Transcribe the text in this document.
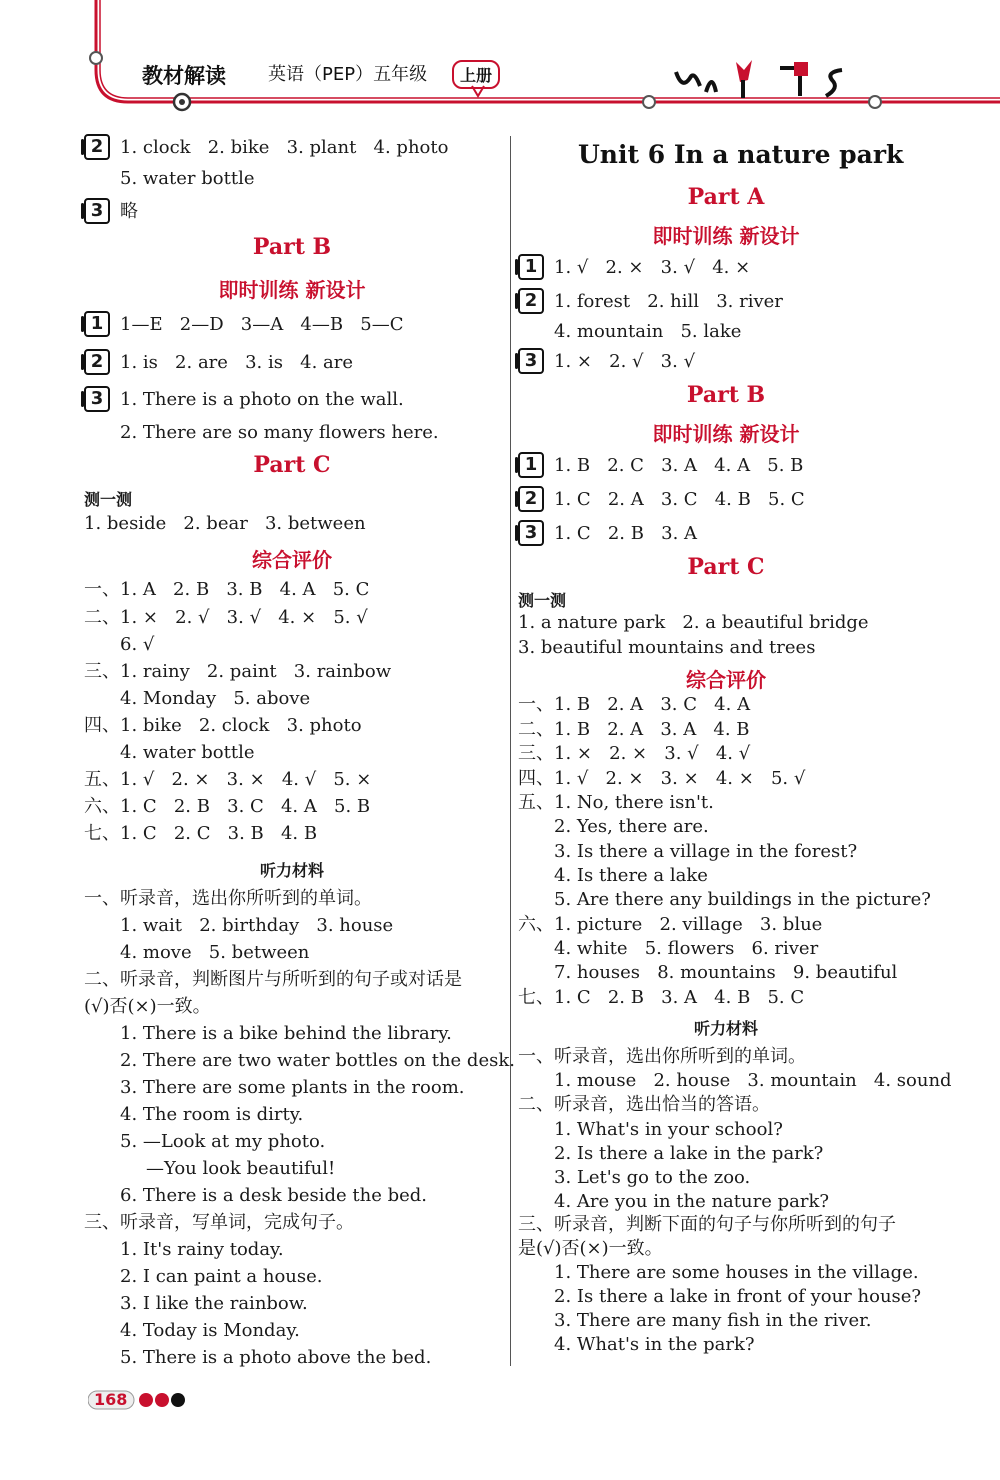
教材解读 英语（PEP）五年级	上册
2 1. clock   2. bike   3. plant   4. photo
5. water bottle
3 略
Part B
即时训练 新设计
1 1—E   2—D   3—A   4—B   5—C
2 1. is   2. are   3. is   4. are
3 1. There is a photo on the wall.
2. There are so many flowers here.
Part C
测一测
1. beside   2. bear   3. between
综合评价
一、1. A   2. B   3. B   4. A   5. C
二、1. ×   2. √   3. √   4. ×   5. √
6. √
三、1. rainy   2. paint   3. rainbow
4. Monday   5. above
四、1. bike   2. clock   3. photo
4. water bottle
五、1. √   2. ×   3. ×   4. √   5. ×
六、1. C   2. B   3. C   4. A   5. B
七、1. C   2. C   3. B   4. B
听力材料
一、听录音，选出你所听到的单词。
1. wait   2. birthday   3. house
4. move   5. between
二、听录音，判断图片与所听到的句子或对话是
(√)否(×)一致。
1. There is a bike behind the library.
2. There are two water bottles on the desk.
3. There are some plants in the room.
4. The room is dirty.
5. —Look at my photo.
—You look beautiful!
6. There is a desk beside the bed.
三、听录音，写单词，完成句子。
1. It's rainy today.
2. I can paint a house.
3. I like the rainbow.
4. Today is Monday.
5. There is a photo above the bed.
Unit 6 In a nature park
Part A
即时训练 新设计
1 1. √   2. ×   3. √   4. ×
2 1. forest   2. hill   3. river
4. mountain   5. lake
3 1. ×   2. √   3. √
Part B
即时训练 新设计
1 1. B   2. C   3. A   4. A   5. B
2 1. C   2. A   3. C   4. B   5. C
3 1. C   2. B   3. A
Part C
测一测
1. a nature park   2. a beautiful bridge
3. beautiful mountains and trees
综合评价
一、1. B   2. A   3. C   4. A
二、1. B   2. A   3. A   4. B
三、1. ×   2. ×   3. √   4. √
四、1. √   2. ×   3. ×   4. ×   5. √
五、1. No, there isn't.
2. Yes, there are.
3. Is there a village in the forest?
4. Is there a lake
5. Are there any buildings in the picture?
六、1. picture   2. village   3. blue
4. white   5. flowers   6. river
7. houses   8. mountains   9. beautiful
七、1. C   2. B   3. A   4. B   5. C
听力材料
一、听录音，选出你所听到的单词。
1. mouse   2. house   3. mountain   4. sound
二、听录音，选出恰当的答语。
1. What's in your school?
2. Is there a lake in the park?
3. Let's go to the zoo.
4. Are you in the nature park?
三、听录音，判断下面的句子与你所听到的句子
是(√)否(×)一致。
1. There are some houses in the village.
2. Is there a lake in front of your house?
3. There are many fish in the river.
4. What's in the park?
168
